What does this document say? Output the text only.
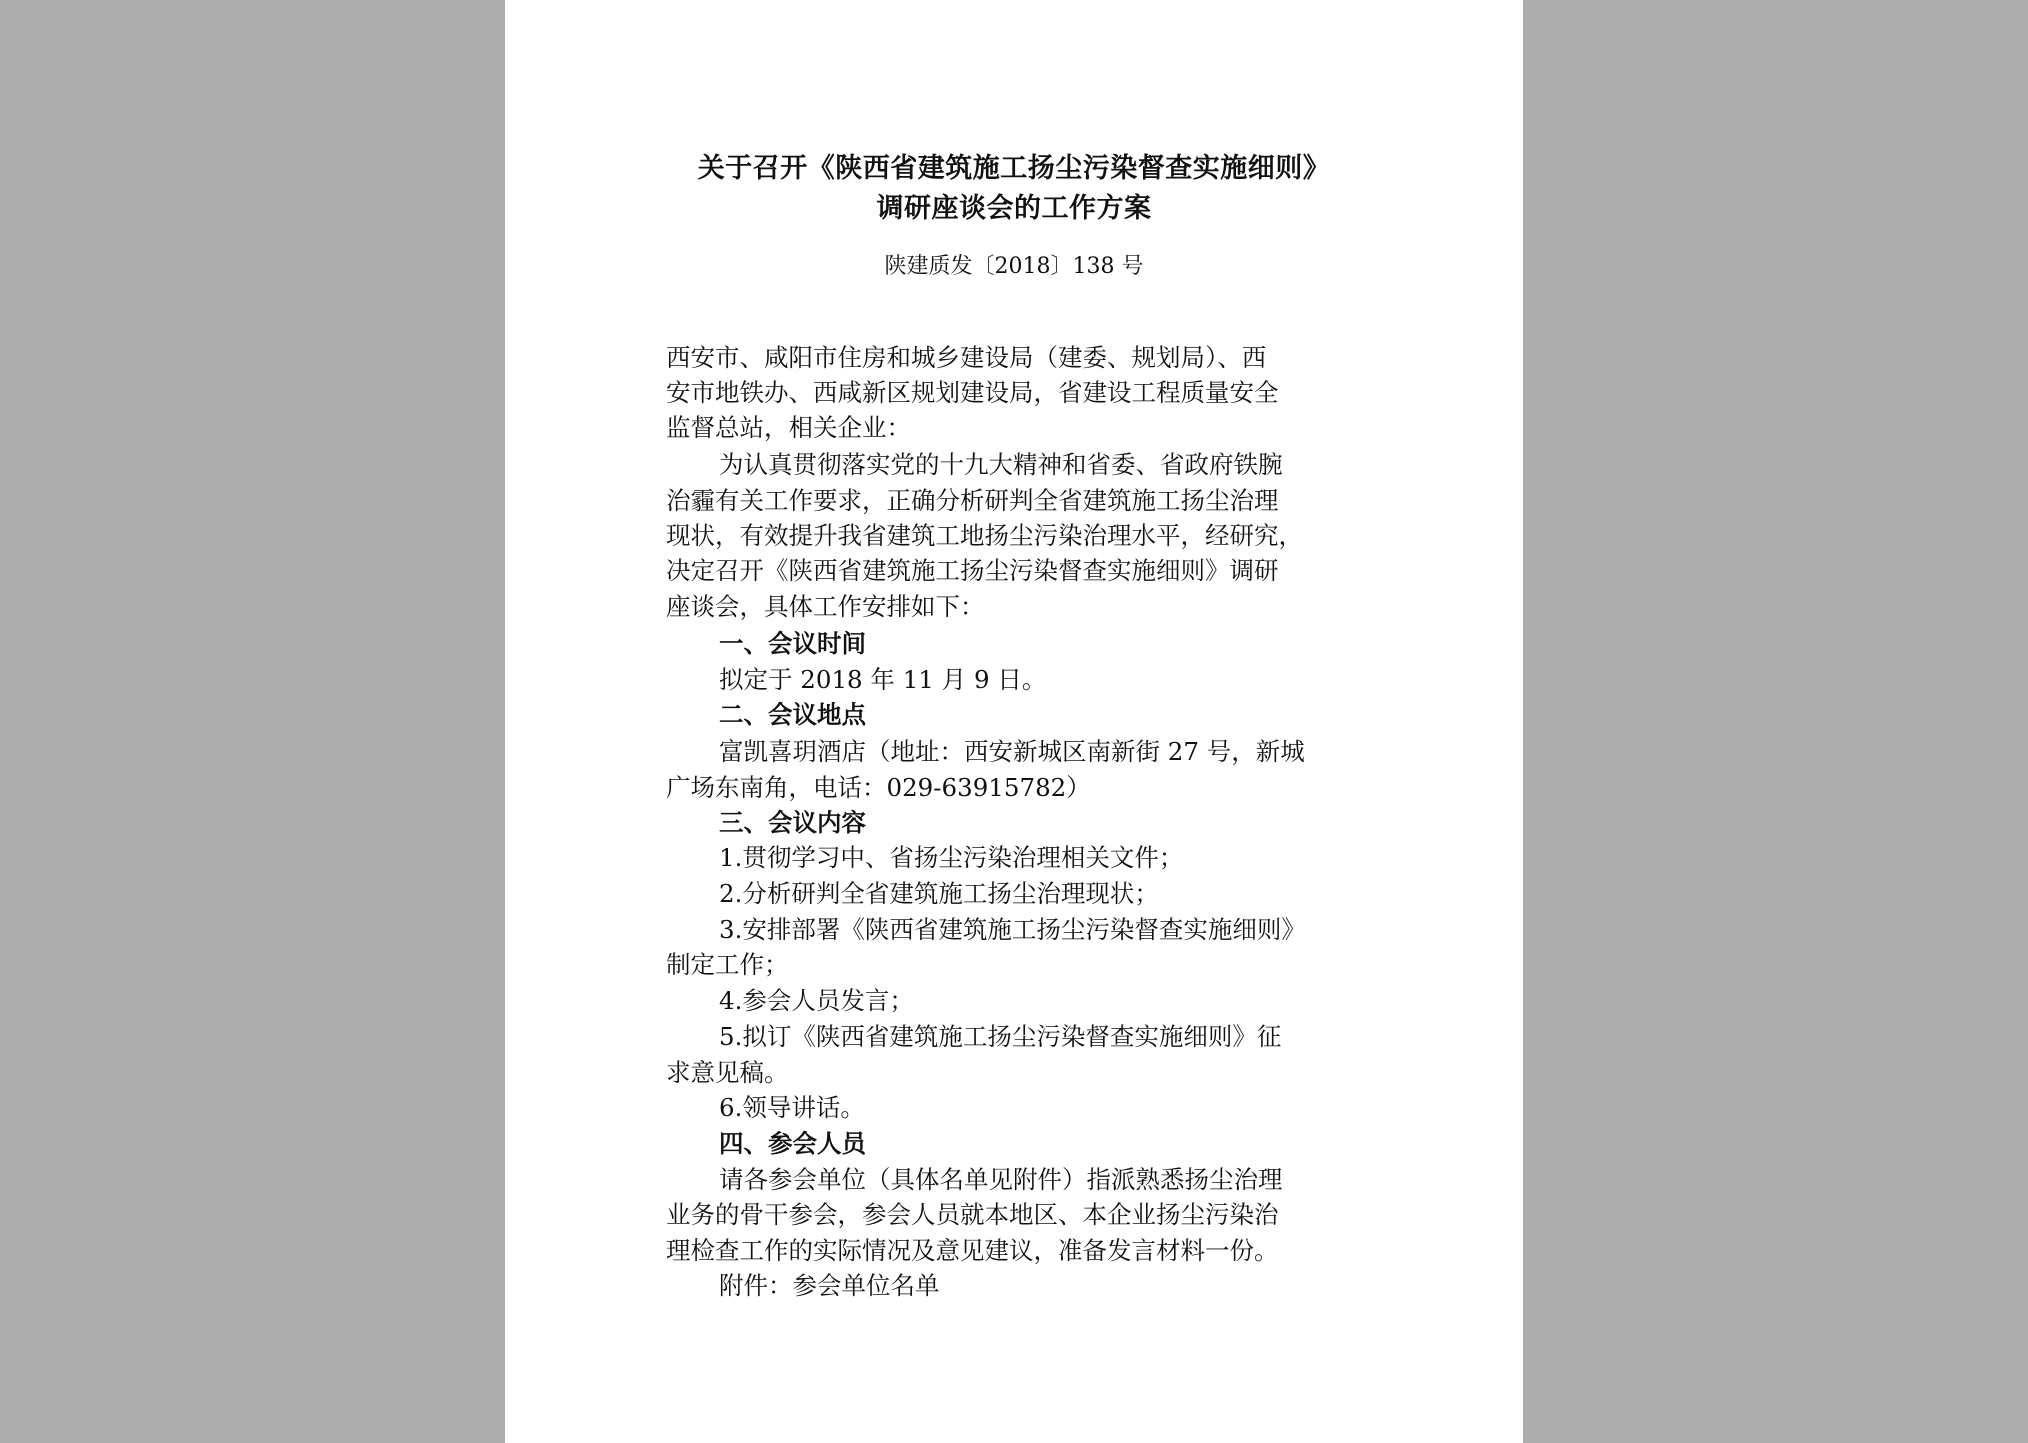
关于召开《陕西省建筑施工扬尘污染督查实施细则》
调研座谈会的工作方案
陕建质发〔2018〕138 号
西安市、咸阳市住房和城乡建设局（建委、规划局）、西
安市地铁办、西咸新区规划建设局，省建设工程质量安全
监督总站，相关企业：
为认真贯彻落实党的十九大精神和省委、省政府铁腕
治霾有关工作要求，正确分析研判全省建筑施工扬尘治理
现状，有效提升我省建筑工地扬尘污染治理水平，经研究，
决定召开《陕西省建筑施工扬尘污染督查实施细则》调研
座谈会，具体工作安排如下：
一、会议时间
拟定于 2018 年 11 月 9 日。
二、会议地点
富凯喜玥酒店（地址：西安新城区南新街 27 号，新城
广场东南角，电话：029-63915782）
三、会议内容
1.贯彻学习中、省扬尘污染治理相关文件；
2.分析研判全省建筑施工扬尘治理现状；
3.安排部署《陕西省建筑施工扬尘污染督查实施细则》
制定工作；
4.参会人员发言；
5.拟订《陕西省建筑施工扬尘污染督查实施细则》征
求意见稿。
6.领导讲话。
四、参会人员
请各参会单位（具体名单见附件）指派熟悉扬尘治理
业务的骨干参会，参会人员就本地区、本企业扬尘污染治
理检查工作的实际情况及意见建议，准备发言材料一份。
附件：参会单位名单
